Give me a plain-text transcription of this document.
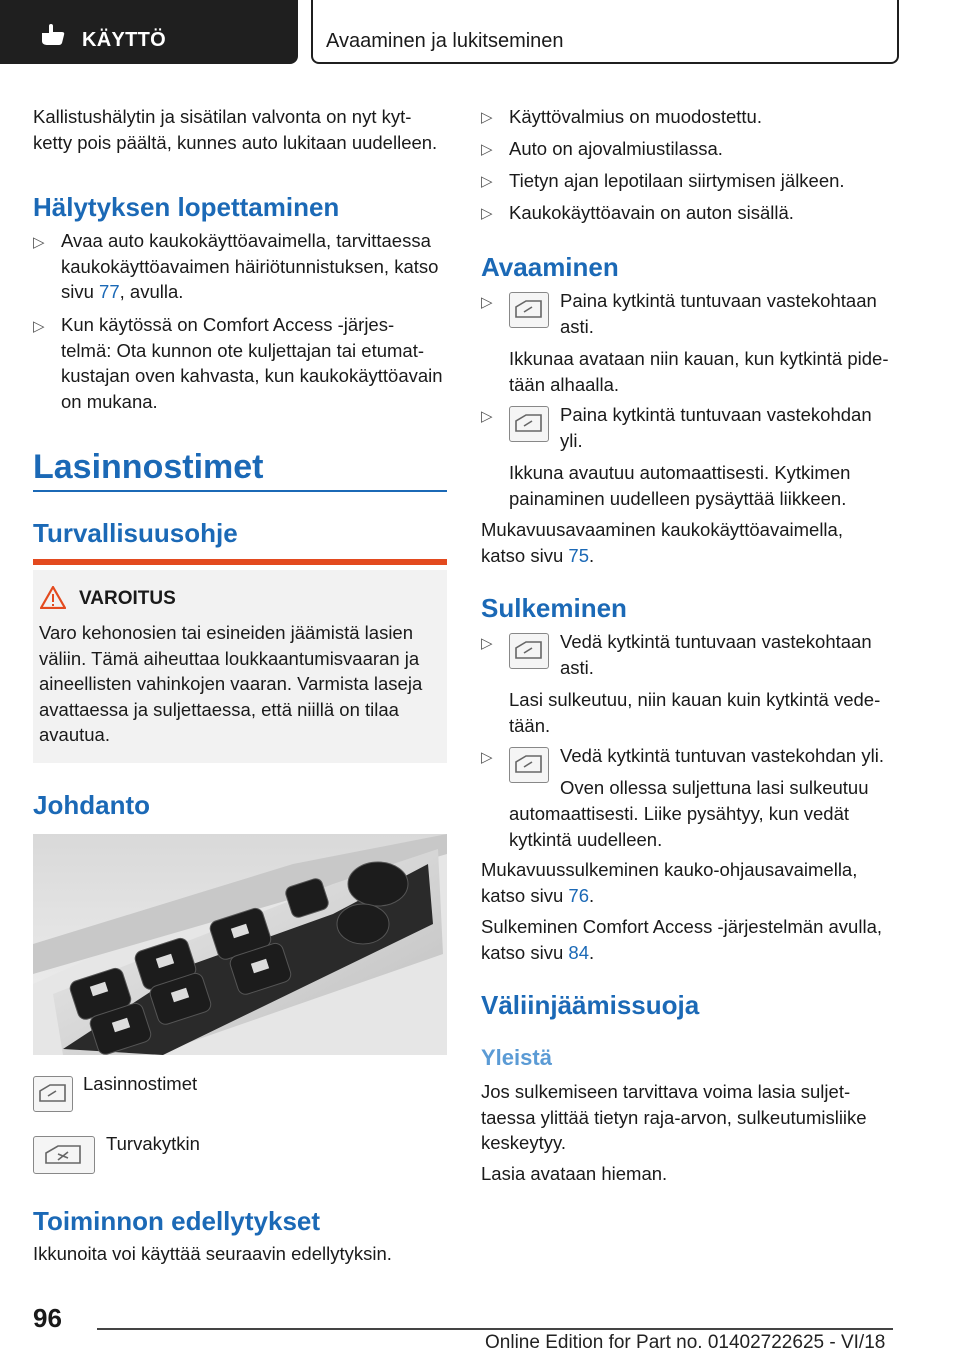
KÄYTTÖ	Avaaminen ja lukitseminen

Kallistushälytin ja sisätilan valvonta on nyt kyt-

ketty pois päältä, kunnes auto lukitaan uudelleen.

Hälytyksen lopettaminen
▷ Avaa auto kaukokäyttöavaimella, tarvittaessa

kaukokäyttöavaimen häiriötunnistuksen, katso

sivu 77, avulla.

▷ Kun käytössä on Comfort Access -järjes-

telmä: Ota kunnon ote kuljettajan tai etumat-

kustajan oven kahvasta, kun kaukokäyttöavain

on mukana.

Lasinnostimet
Turvallisuusohje
VAROITUS

Varo kehonosien tai esineiden jäämistä lasien

väliin. Tämä aiheuttaa loukkaantumisvaaran ja

aineellisten vahinkojen vaaran. Varmista laseja

avattaessa ja suljettaessa, että niillä on tilaa

avautua.

Johdanto
Lasinnostimet
Turvakytkin
Toiminnon edellytykset

Ikkunoita voi käyttää seuraavin edellytyksin.

▷ Käyttövalmius on muodostettu.

▷ Auto on ajovalmiustilassa.

▷ Tietyn ajan lepotilaan siirtymisen jälkeen.

▷ Kaukokäyttöavain on auton sisällä.

Avaaminen
▷	Paina kytkintä tuntuvaan vastekohtaan

asti.

Ikkunaa avataan niin kauan, kun kytkintä pide-

tään alhaalla.

▷	Paina kytkintä tuntuvaan vastekohdan

yli.

Ikkuna avautuu automaattisesti. Kytkimen

painaminen uudelleen pysäyttää liikkeen.

Mukavuusavaaminen kaukokäyttöavaimella,

katso sivu 75.

Sulkeminen
▷	Vedä kytkintä tuntuvaan vastekohtaan

asti.

Lasi sulkeutuu, niin kauan kuin kytkintä vede-

tään.

▷	Vedä kytkintä tuntuvan vastekohdan yli.

Oven ollessa suljettuna lasi sulkeutuu

automaattisesti. Liike pysähtyy, kun vedät

kytkintä uudelleen.

Mukavuussulkeminen kauko-ohjausavaimella,

katso sivu 76.

Sulkeminen Comfort Access -järjestelmän avulla,

katso sivu 84.

Väliinjäämissuoja
Yleistä

Jos sulkemiseen tarvittava voima lasia suljet-

taessa ylittää tietyn raja-arvon, sulkeutumisliike

keskeytyy.

Lasia avataan hieman.

96
Online Edition for Part no. 01402722625 - VI/18
